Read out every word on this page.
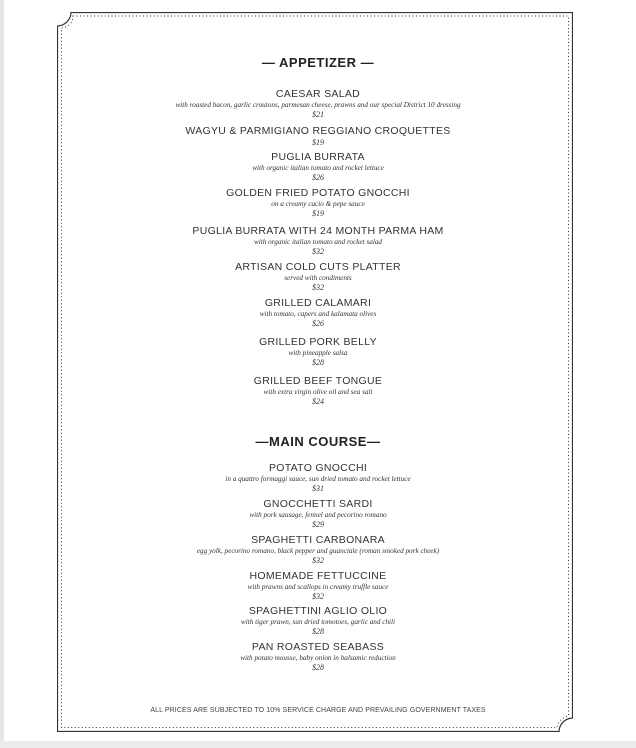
— APPETIZER —
CAESAR SALAD
with roasted bacon, garlic croutons, parmesan cheese, prawns and our special District 10 dressing
$21
WAGYU & PARMIGIANO REGGIANO CROQUETTES
$19
PUGLIA BURRATA
with organic italian tomato and rocket lettuce
$26
GOLDEN FRIED POTATO GNOCCHI
on a creamy cacio & pepe sauce
$19
PUGLIA BURRATA WITH 24 MONTH PARMA HAM
with organic italian tomato and rocket salad
$32
ARTISAN COLD CUTS PLATTER
served with condiments
$32
GRILLED CALAMARI
with tomato, capers and kalamata olives
$26
GRILLED PORK BELLY
with pineapple salsa
$28
GRILLED BEEF TONGUE
with extra virgin olive oil and sea salt
$24
—MAIN COURSE—
POTATO GNOCCHI
in a quattro formaggi sauce, sun dried tomato and rocket lettuce
$31
GNOCCHETTI SARDI
with pork sausage, fennel and pecorino romano
$29
SPAGHETTI CARBONARA
egg yolk, pecorino romano, black pepper and guanciale (roman smoked pork cheek)
$32
HOMEMADE FETTUCCINE
with prawns and scallops in creamy truffle sauce
$32
SPAGHETTINI AGLIO OLIO
with tiger prawn, sun dried tomotoes, garlic and chili
$28
PAN ROASTED SEABASS
with potato mousse, baby onion in balsamic reduction
$28
ALL PRICES ARE SUBJECTED TO 10% SERVICE CHARGE AND PREVAILING GOVERNMENT TAXES
